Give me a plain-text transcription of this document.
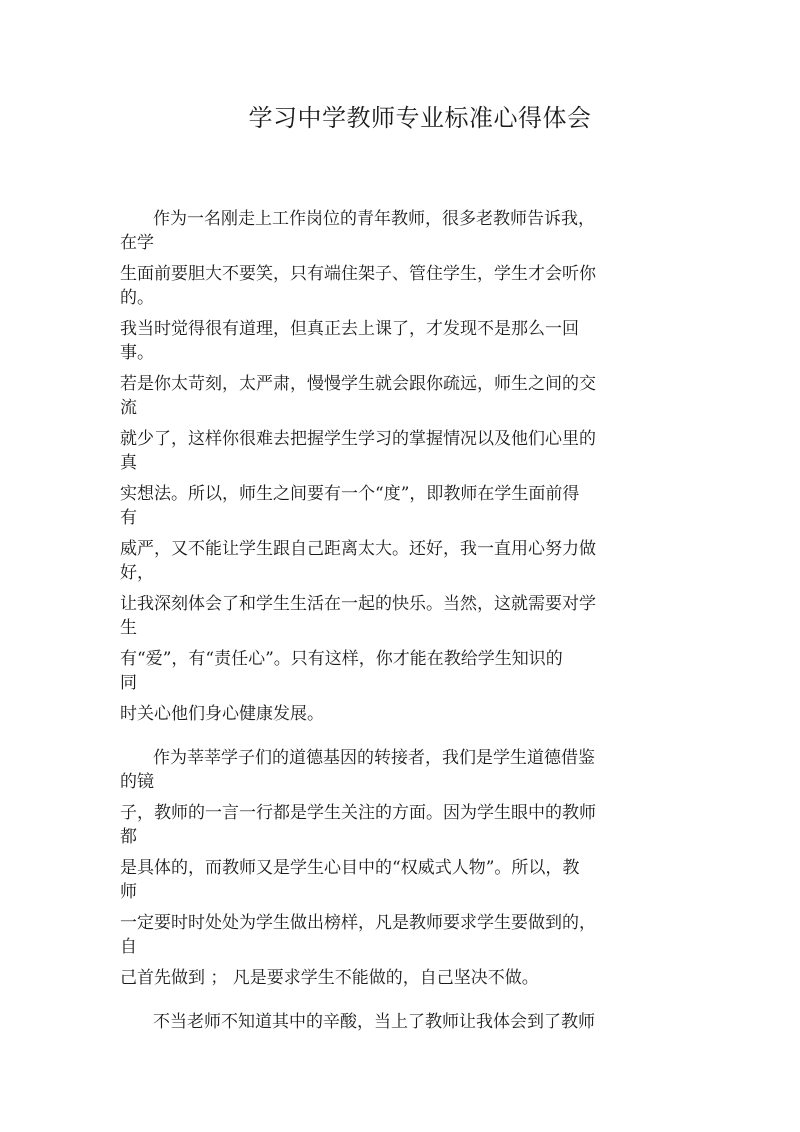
学习中学教师专业标准心得体会
作为一名刚走上工作岗位的青年教师，很多老教师告诉我，
在学
生面前要胆大不要笑，只有端住架子、管住学生，学生才会听你
的。
我当时觉得很有道理，但真正去上课了，才发现不是那么一回
事。
若是你太苛刻，太严肃，慢慢学生就会跟你疏远，师生之间的交
流
就少了，这样你很难去把握学生学习的掌握情况以及他们心里的
真
实想法。所以，师生之间要有一个“度”，即教师在学生面前得
有
威严，又不能让学生跟自己距离太大。还好，我一直用心努力做
好，
让我深刻体会了和学生生活在一起的快乐。当然，这就需要对学
生
有“爱”，有“责任心”。只有这样，你才能在教给学生知识的
同
时关心他们身心健康发展。
作为莘莘学子们的道德基因的转接者，我们是学生道德借鉴
的镜
子，教师的一言一行都是学生关注的方面。因为学生眼中的教师
都
是具体的，而教师又是学生心目中的“权威式人物”。所以，教
师
一定要时时处处为学生做出榜样，凡是教师要求学生要做到的，
自
己首先做到 ； 凡是要求学生不能做的，自己坚决不做。
不当老师不知道其中的辛酸，当上了教师让我体会到了教师
